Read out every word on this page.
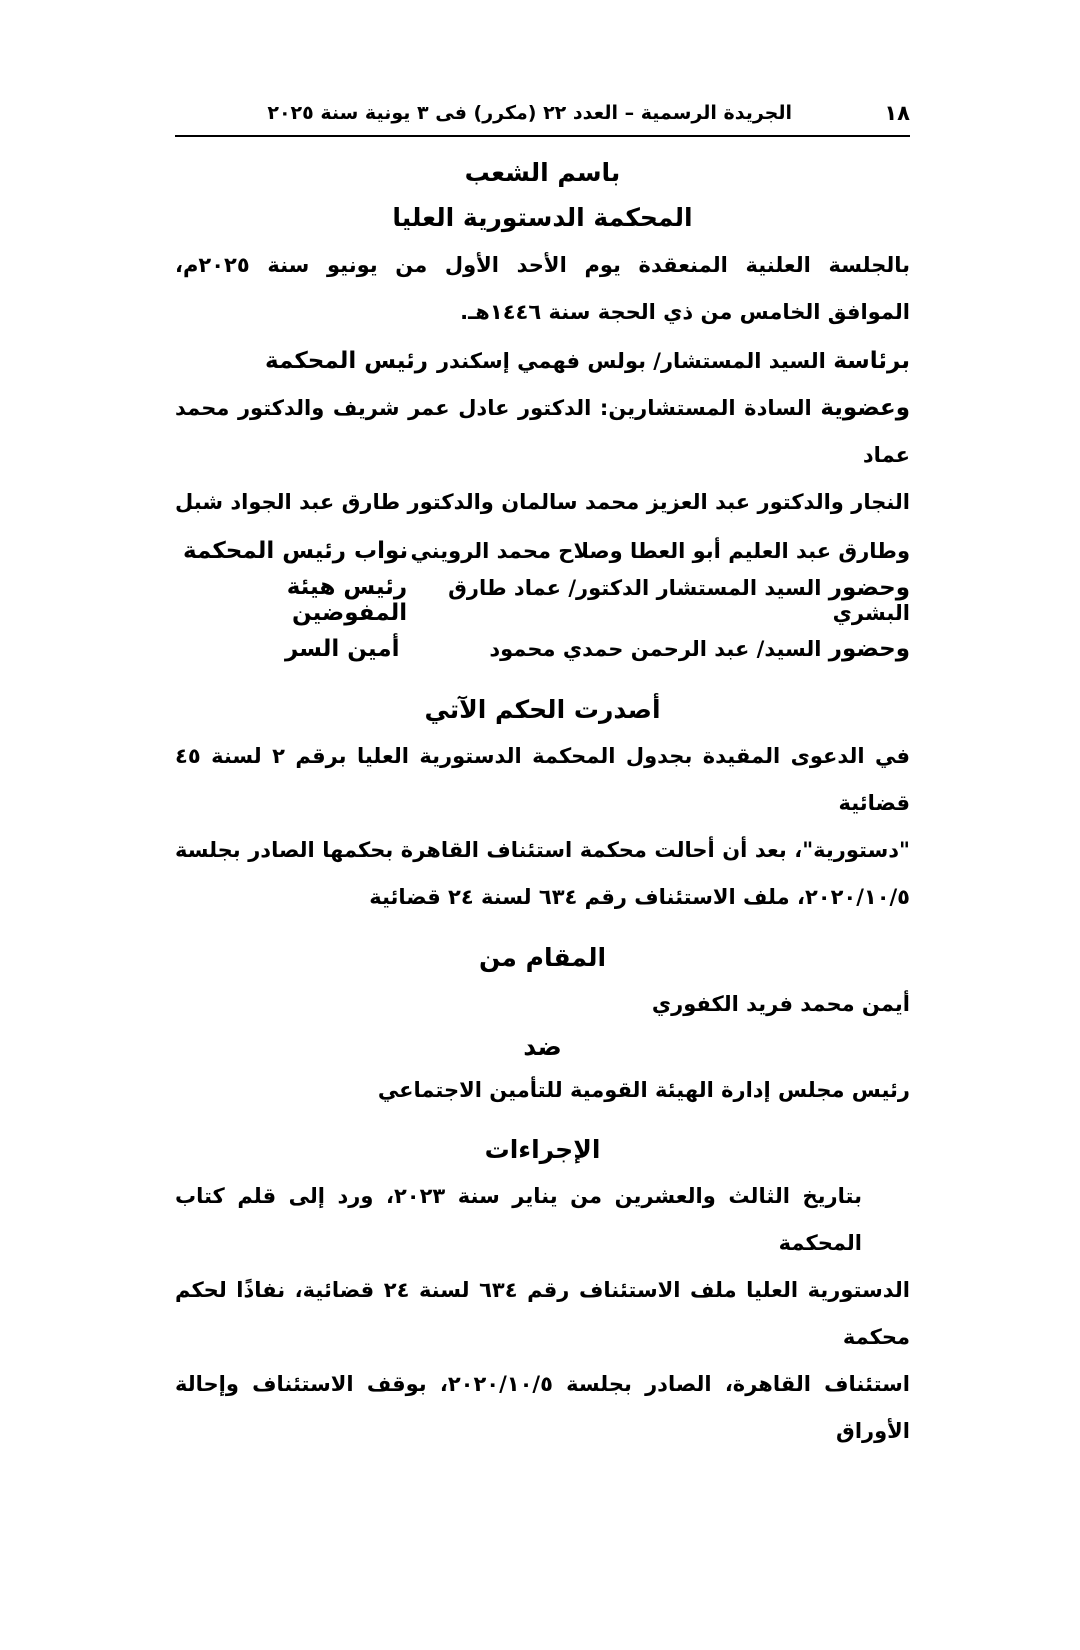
١٨
الجريدة الرسمية – العدد ٢٢ (مكرر) فى ٣ يونية سنة ٢٠٢٥

باسم الشعب

المحكمة الدستورية العليا

بالجلسة العلنية المنعقدة يوم الأحد الأول من يونيو سنة ٢٠٢٥م،

الموافق الخامس من ذي الحجة سنة ١٤٤٦هـ.

برئاسة السيد المستشار/ بولس فهمي إسكندر
رئيس المحكمة

وعضوية السادة المستشارين: الدكتور عادل عمر شريف والدكتور محمد عماد

النجار والدكتور عبد العزيز محمد سالمان والدكتور طارق عبد الجواد شبل

وطارق عبد العليم أبو العطا وصلاح محمد الرويني
نواب رئيس المحكمة
وحضور السيد المستشار الدكتور/ عماد طارق البشري
رئيس هيئة المفوضين
وحضور السيد/ عبد الرحمن حمدي محمود
أمين السر

أصدرت الحكم الآتي

في الدعوى المقيدة بجدول المحكمة الدستورية العليا برقم ٢ لسنة ٤٥ قضائية

"دستورية"، بعد أن أحالت محكمة استئناف القاهرة بحكمها الصادر بجلسة

٢٠٢٠/١٠/٥، ملف الاستئناف رقم ٦٣٤ لسنة ٢٤ قضائية

المقام من

أيمن محمد فريد الكفوري

ضد

رئيس مجلس إدارة الهيئة القومية للتأمين الاجتماعي

الإجراءات

بتاريخ الثالث والعشرين من يناير سنة ٢٠٢٣، ورد إلى قلم كتاب المحكمة

الدستورية العليا ملف الاستئناف رقم ٦٣٤ لسنة ٢٤ قضائية، نفاذًا لحكم محكمة

استئناف القاهرة، الصادر بجلسة ٢٠٢٠/١٠/٥، بوقف الاستئناف وإحالة الأوراق
